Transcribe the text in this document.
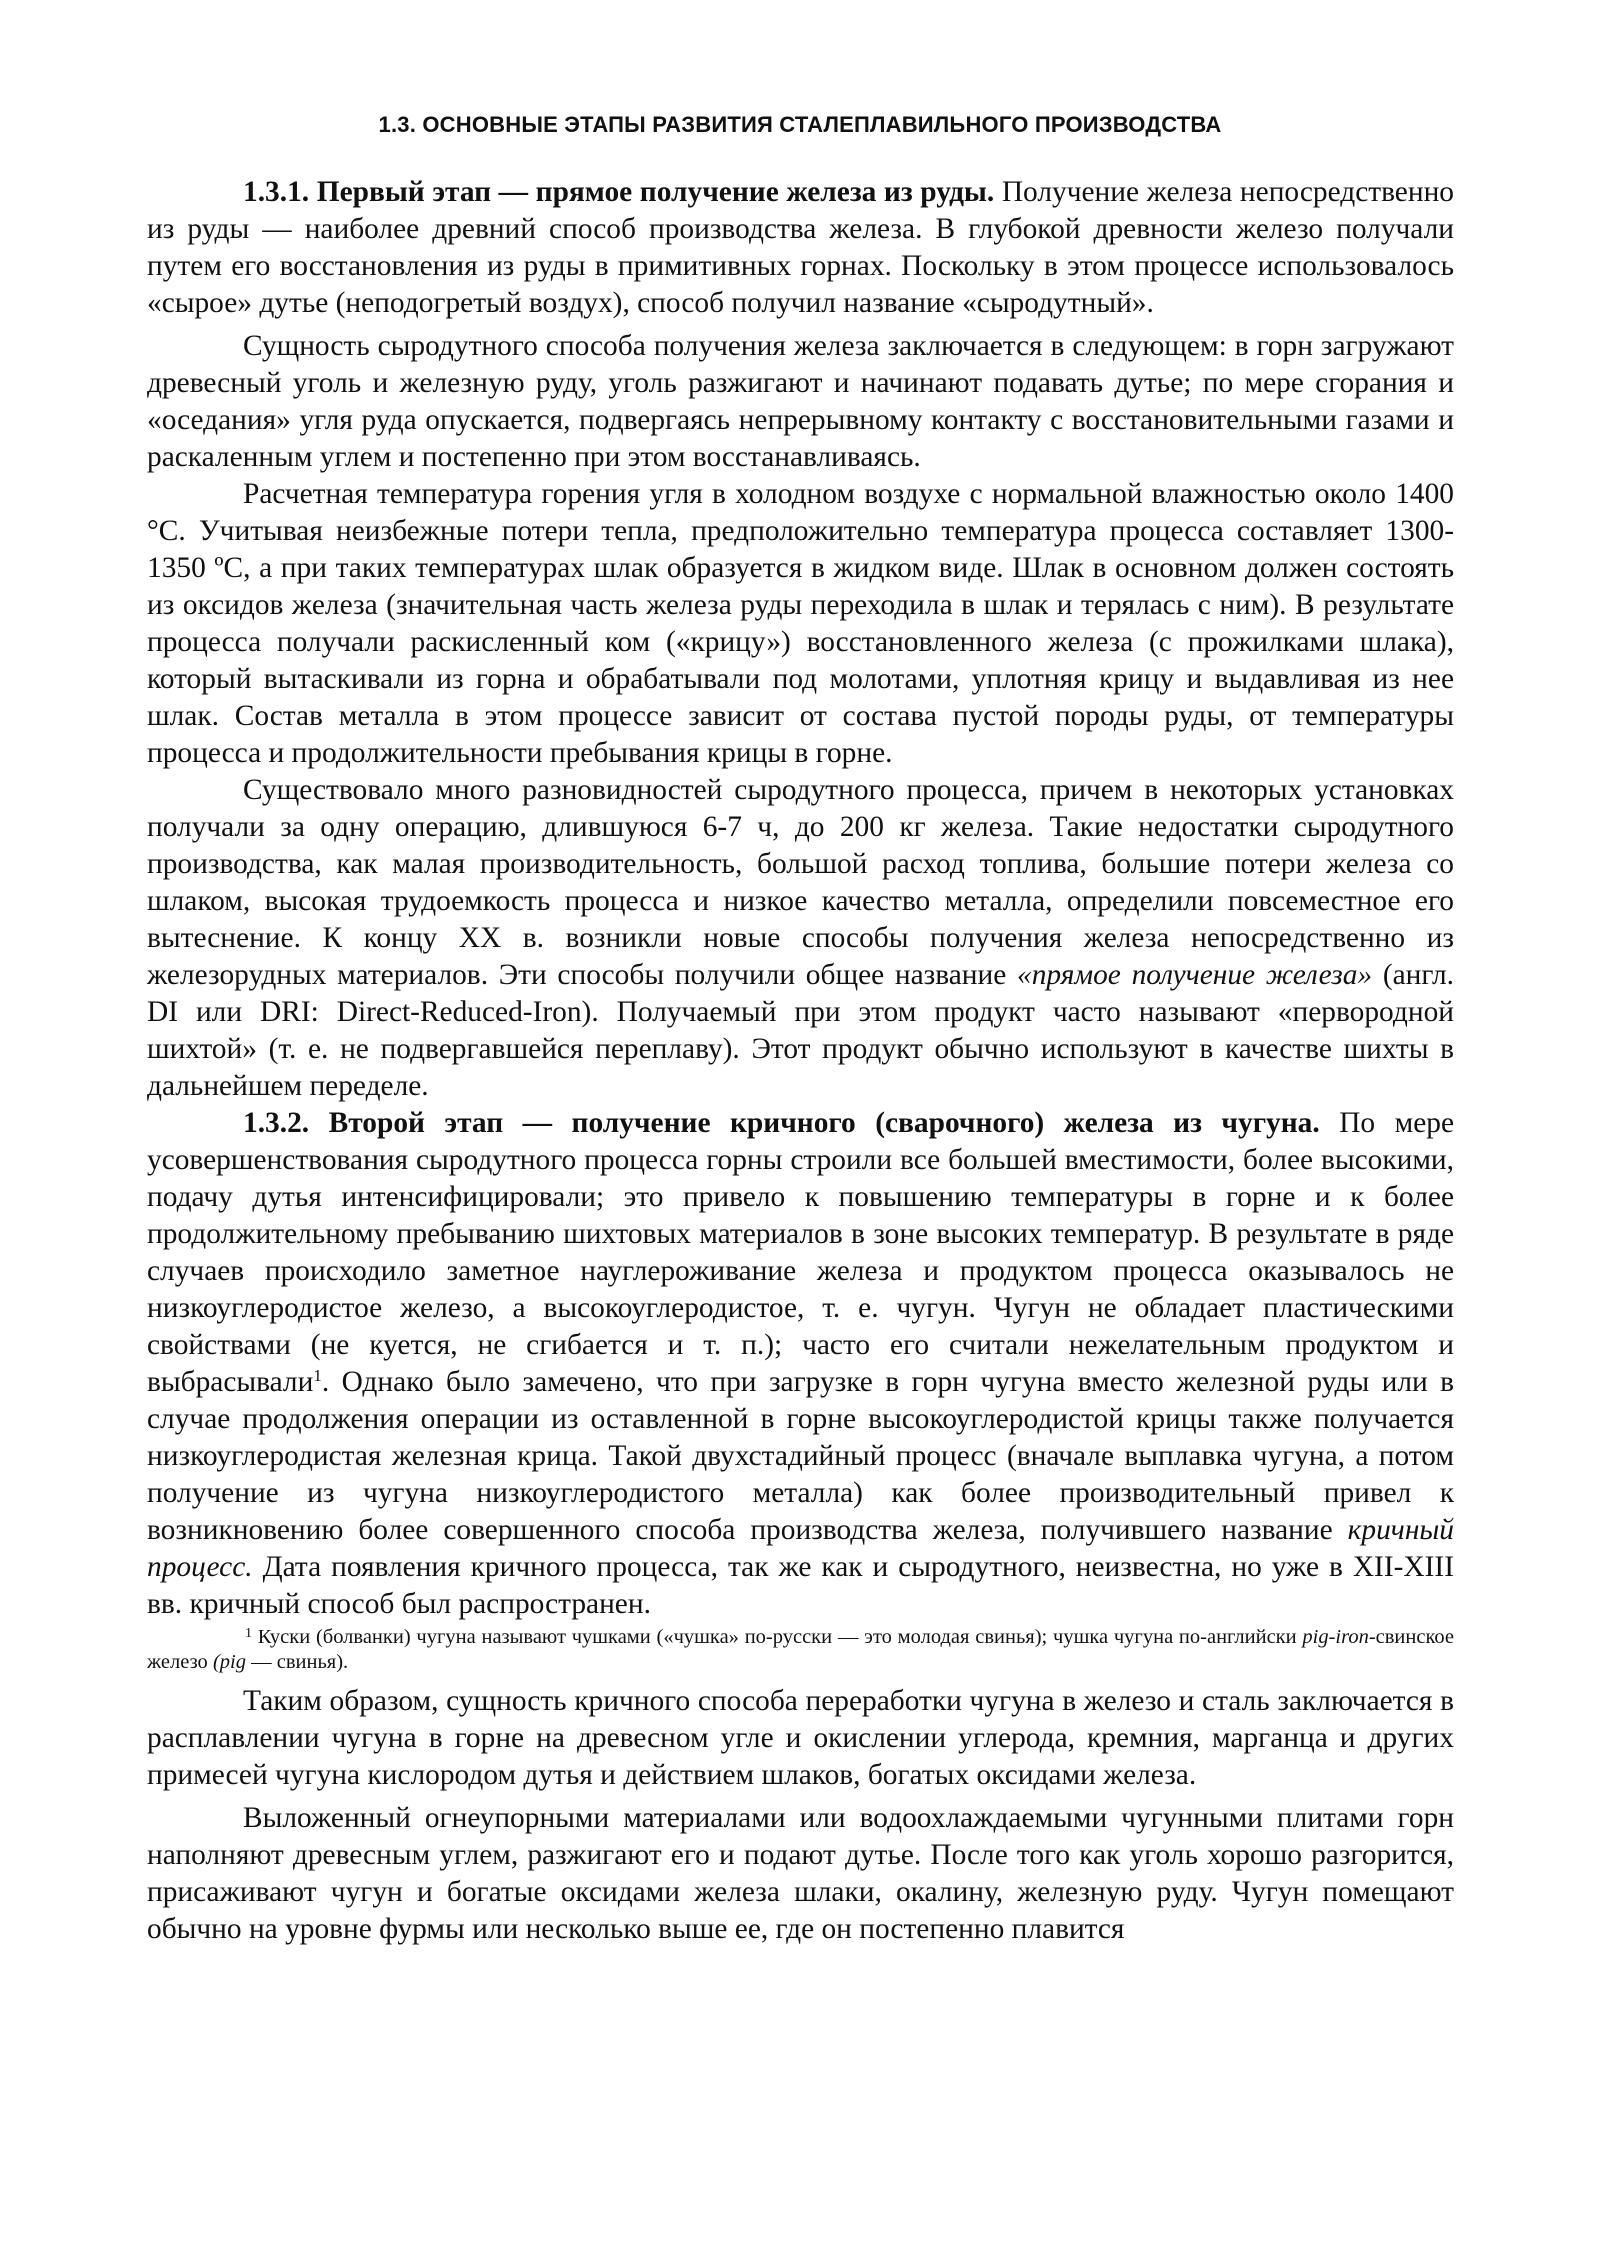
1.3. ОСНОВНЫЕ ЭТАПЫ РАЗВИТИЯ СТАЛЕПЛАВИЛЬНОГО ПРОИЗВОДСТВА

1.3.1. Первый этап — прямое получение железа из руды. Получение железа непосредственно из руды — наиболее древний способ производства железа. В глубокой древности железо получали путем его восстановления из руды в примитивных горнах. Поскольку в этом процессе использовалось «сырое» дутье (неподогретый воздух), способ получил название «сыродутный».

Сущность сыродутного способа получения железа заключается в следующем: в горн загружают древесный уголь и железную руду, уголь разжигают и начинают подавать дутье; по мере сгорания и «оседания» угля руда опускается, подвергаясь непрерывному контакту с восстановительными газами и раскаленным углем и постепенно при этом восстанавливаясь.

Расчетная температура горения угля в холодном воздухе с нормальной влажностью около 1400 °С. Учитывая неизбежные потери тепла, предположительно температура процесса составляет 1300-1350 ºС, а при таких температурах шлак образуется в жидком виде. Шлак в основном должен состоять из оксидов железа (значительная часть железа руды переходила в шлак и терялась с ним). В результате процесса получали раскисленный ком («крицу») восстановленного железа (с прожилками шлака), который вытаскивали из горна и обрабатывали под молотами, уплотняя крицу и выдавливая из нее шлак. Состав металла в этом процессе зависит от состава пустой породы руды, от температуры процесса и продолжительности пребывания крицы в горне.

Существовало много разновидностей сыродутного процесса, причем в некоторых установках получали за одну операцию, длившуюся 6-7 ч, до 200 кг железа. Такие недостатки сыродутного производства, как малая производительность, большой расход топлива, большие потери железа со шлаком, высокая трудоемкость процесса и низкое качество металла, определили повсеместное его вытеснение. К концу XX в. возникли новые способы получения железа непосредственно из железорудных материалов. Эти способы получили общее название «прямое получение железа» (англ. DI или DRI: Direct-Reduced-Iron). Получаемый при этом продукт часто называют «первородной шихтой» (т. е. не подвергавшейся переплаву). Этот продукт обычно используют в качестве шихты в дальнейшем переделе.

1.3.2. Второй этап — получение кричного (сварочного) железа из чугуна. По мере усовершенствования сыродутного процесса горны строили все большей вместимости, более высокими, подачу дутья интенсифицировали; это привело к повышению температуры в горне и к более продолжительному пребыванию шихтовых материалов в зоне высоких температур. В результате в ряде случаев происходило заметное науглероживание железа и продуктом процесса оказывалось не низкоуглеродистое железо, а высокоуглеродистое, т. е. чугун. Чугун не обладает пластическими свойствами (не куется, не сгибается и т. п.); часто его считали нежелательным продуктом и выбрасывали$^1$. Однако было замечено, что при загрузке в горн чугуна вместо железной руды или в случае продолжения операции из оставленной в горне высокоуглеродистой крицы также получается низкоуглеродистая железная крица. Такой двухстадийный процесс (вначале выплавка чугуна, а потом получение из чугуна низкоуглеродистого металла) как более производительный привел к возникновению более совершенного способа производства железа, получившего название кричный процесс. Дата появления кричного процесса, так же как и сыродутного, неизвестна, но уже в XII-XIII вв. кричный способ был распространен.

$^1$ Куски (болванки) чугуна называют чушками («чушка» по-русски — это молодая свинья); чушка чугуна по-английски pig-iron-свинское железо (pig — свинья).

Таким образом, сущность кричного способа переработки чугуна в железо и сталь заключается в расплавлении чугуна в горне на древесном угле и окислении углерода, кремния, марганца и других примесей чугуна кислородом дутья и действием шлаков, богатых оксидами железа.

Выложенный огнеупорными материалами или водоохлаждаемыми чугунными плитами горн наполняют древесным углем, разжигают его и подают дутье. После того как уголь хорошо разгорится, присаживают чугун и богатые оксидами железа шлаки, окалину, железную руду. Чугун помещают обычно на уровне фурмы или несколько выше ее, где он постепенно плавится
